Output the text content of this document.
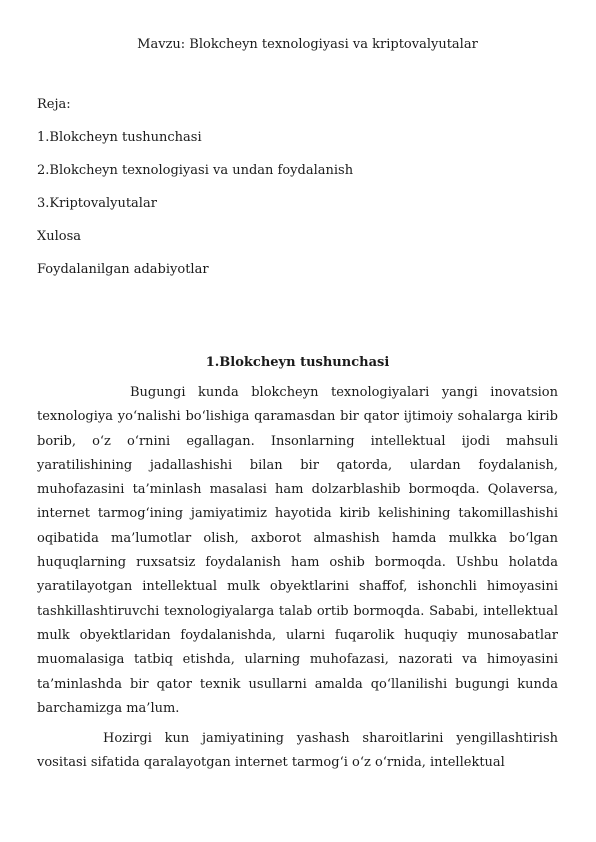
Mavzu: Blokcheyn texnologiyasi va kriptovalyutalar

Reja:

1.Blokcheyn tushunchasi

2.Blokcheyn texnologiyasi va undan foydalanish

3.Kriptovalyutalar

Xulosa

Foydalanilgan adabiyotlar

1.Blokcheyn tushunchasi

Bugungi kunda blokcheyn texnologiyalari yangi inovatsion texnologiya yo‘nalishi bo‘lishiga qaramasdan bir qator ijtimoiy sohalarga kirib borib, o‘z o‘rnini egallagan. Insonlarning intellektual ijodi mahsuli yaratilishining jadallashishi bilan bir qatorda, ulardan foydalanish, muhofazasini ta’minlash masalasi ham dolzarblashib bormoqda. Qolaversa, internet tarmog‘ining jamiyatimiz hayotida kirib kelishining takomillashishi oqibatida ma’lumotlar olish, axborot almashish hamda mulkka bo‘lgan huquqlarning ruxsatsiz foydalanish ham oshib bormoqda. Ushbu holatda yaratilayotgan intellektual mulk obyektlarini shaffof, ishonchli himoyasini tashkillashtiruvchi texnologiyalarga talab ortib bormoqda. Sababi, intellektual mulk obyektlaridan foydalanishda, ularni fuqarolik huquqiy munosabatlar muomalasiga tatbiq etishda, ularning muhofazasi, nazorati va himoyasini ta’minlashda bir qator texnik usullarni amalda qo‘llanilishi bugungi kunda barchamizga ma’lum.

Hozirgi kun jamiyatining yashash sharoitlarini yengillashtirish vositasi sifatida qaralayotgan internet tarmog‘i o‘z o‘rnida, intellektual
